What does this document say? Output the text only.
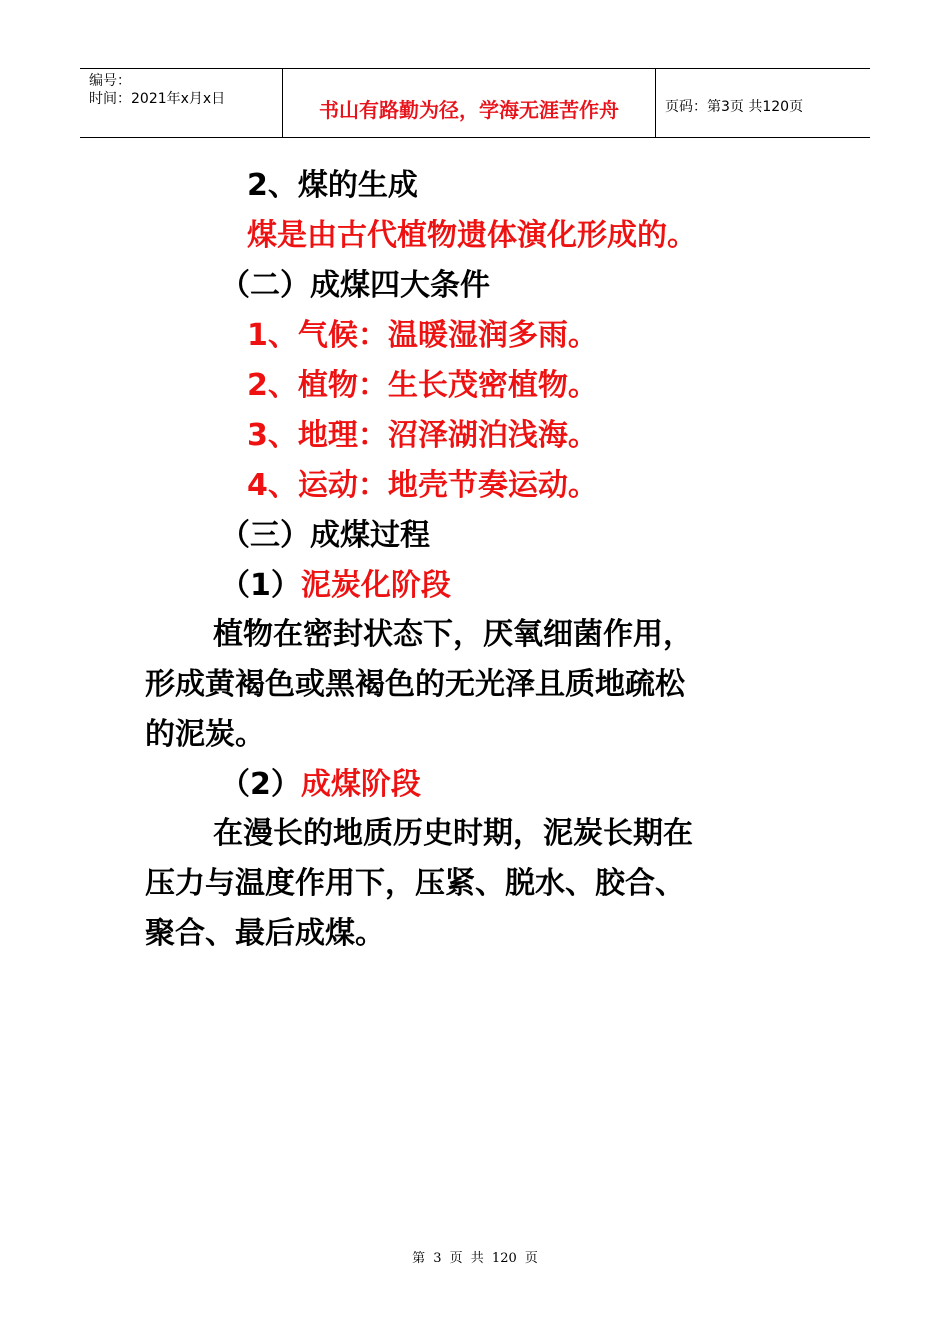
编号：
时间：2021年x月x日	书山有路勤为径，学海无涯苦作舟	页码：第3页 共120页
2、煤的生成
煤是由古代植物遗体演化形成的。
（二）成煤四大条件
1、气候：温暖湿润多雨。
2、植物：生长茂密植物。
3、地理：沼泽湖泊浅海。
4、运动：地壳节奏运动。
（三）成煤过程
（1）泥炭化阶段
植物在密封状态下，厌氧细菌作用，
形成黄褐色或黑褐色的无光泽且质地疏松
的泥炭。
（2）成煤阶段
在漫长的地质历史时期，泥炭长期在
压力与温度作用下，压紧、脱水、胶合、
聚合、最后成煤。
第 3 页 共 120 页
